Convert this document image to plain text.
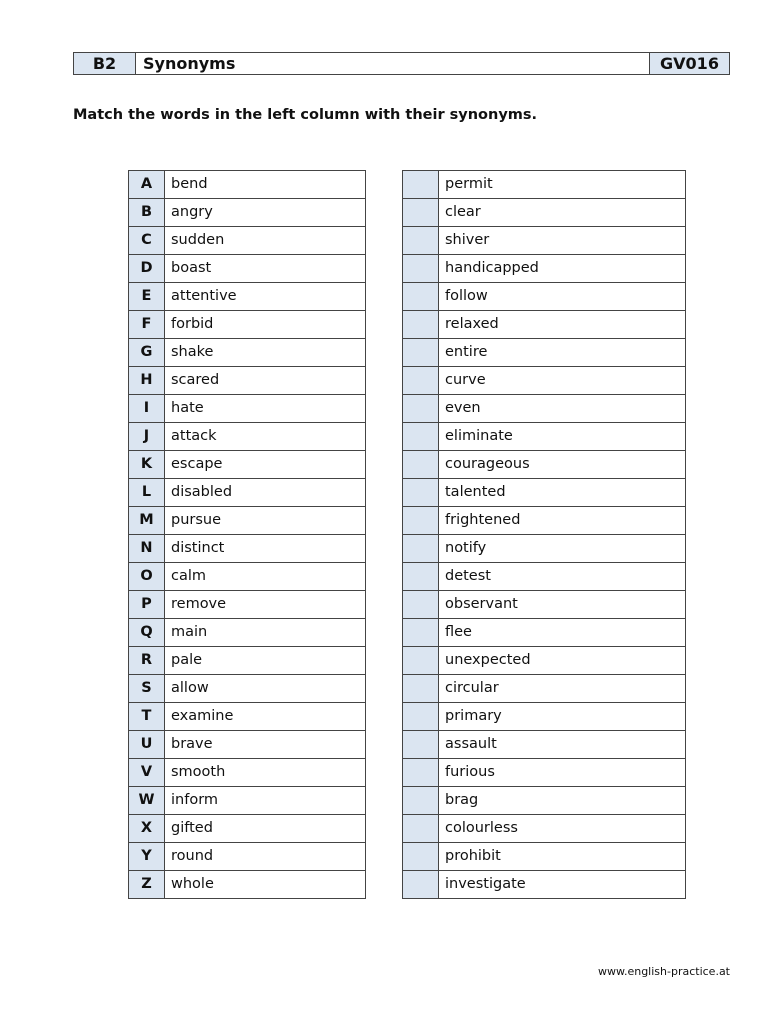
B2	Synonyms	GV016
Match the words in the left column with their synonyms.
A	bend
B	angry
C	sudden
D	boast
E	attentive
F	forbid
G	shake
H	scared
I	hate
J	attack
K	escape
L	disabled
M	pursue
N	distinct
O	calm
P	remove
Q	main
R	pale
S	allow
T	examine
U	brave
V	smooth
W	inform
X	gifted
Y	round
Z	whole
	permit
	clear
	shiver
	handicapped
	follow
	relaxed
	entire
	curve
	even
	eliminate
	courageous
	talented
	frightened
	notify
	detest
	observant
	flee
	unexpected
	circular
	primary
	assault
	furious
	brag
	colourless
	prohibit
	investigate
www.english-practice.at
